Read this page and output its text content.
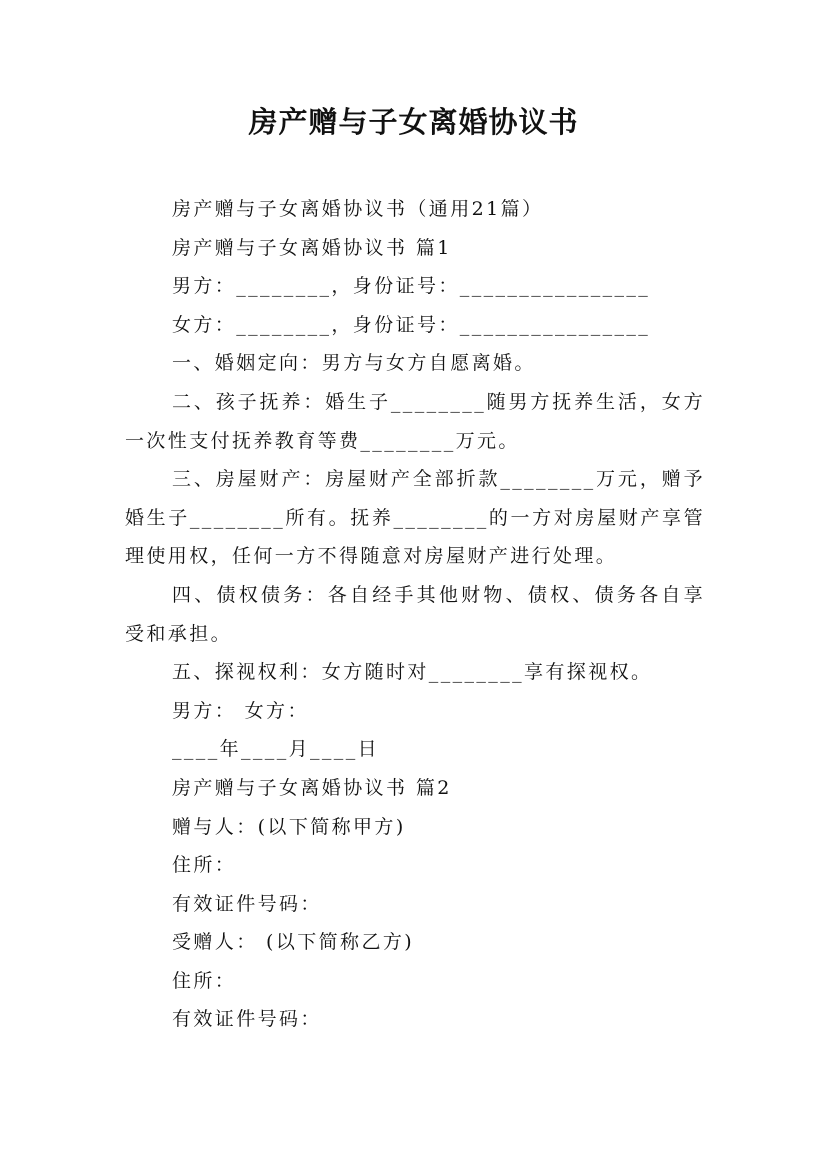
房产赠与子女离婚协议书

房产赠与子女离婚协议书（通用21篇）

房产赠与子女离婚协议书 篇1

男方：________，身份证号：________________

女方：________，身份证号：________________

一、婚姻定向：男方与女方自愿离婚。

二、孩子抚养：婚生子________随男方抚养生活，女方一次性支付抚养教育等费________万元。

三、房屋财产：房屋财产全部折款________万元，赠予婚生子________所有。抚养________的一方对房屋财产享管理使用权，任何一方不得随意对房屋财产进行处理。

四、债权债务：各自经手其他财物、债权、债务各自享受和承担。

五、探视权利：女方随时对________享有探视权。

男方： 女方：

____年____月____日

房产赠与子女离婚协议书 篇2

赠与人：(以下简称甲方)

住所：

有效证件号码：

受赠人： (以下简称乙方)

住所：

有效证件号码：
